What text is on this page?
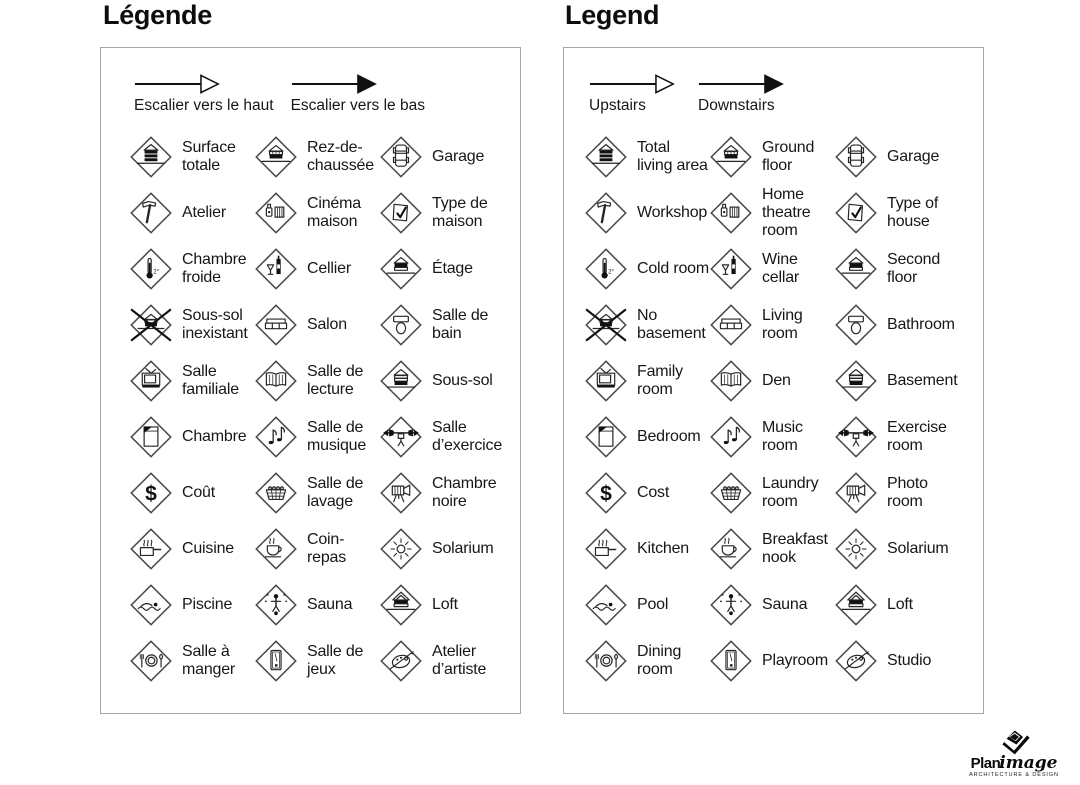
Légende	Legend
Escalier vers le haut Escalier vers le bas
Surface totale
Rez-de-chaussée
Garage
Atelier
Cinéma maison
Type de maison
2°
Chambre froide
Cellier	Étage
Sous-sol inexistant
Salon
Salle de bain
Salle familiale
Salle de lecture
Sous-sol
Chambre
Salle de musique
Salle d’exercice
$ Coût
Salle de lavage
Chambre noire
Cuisine
Coin-repas
Solarium
Piscine	Sauna	Loft
Salle à manger
Salle de jeux
Atelier d’artiste
Upstairs	Downstairs
Total living area
Ground floor
Garage
Workshop
Home theatre room
Type of house
2° Cold room
Wine cellar
Second floor
No basement
Living room
Bathroom
Family room
Den	Basement
Bedroom
Music room
Exercise room
$ Cost
Laundry room
Photo room
Kitchen
Breakfast nook
Solarium
Pool	Sauna	Loft
Dining room
Playroom	Studio
Planimage
ARCHITECTURE & DESIGN
